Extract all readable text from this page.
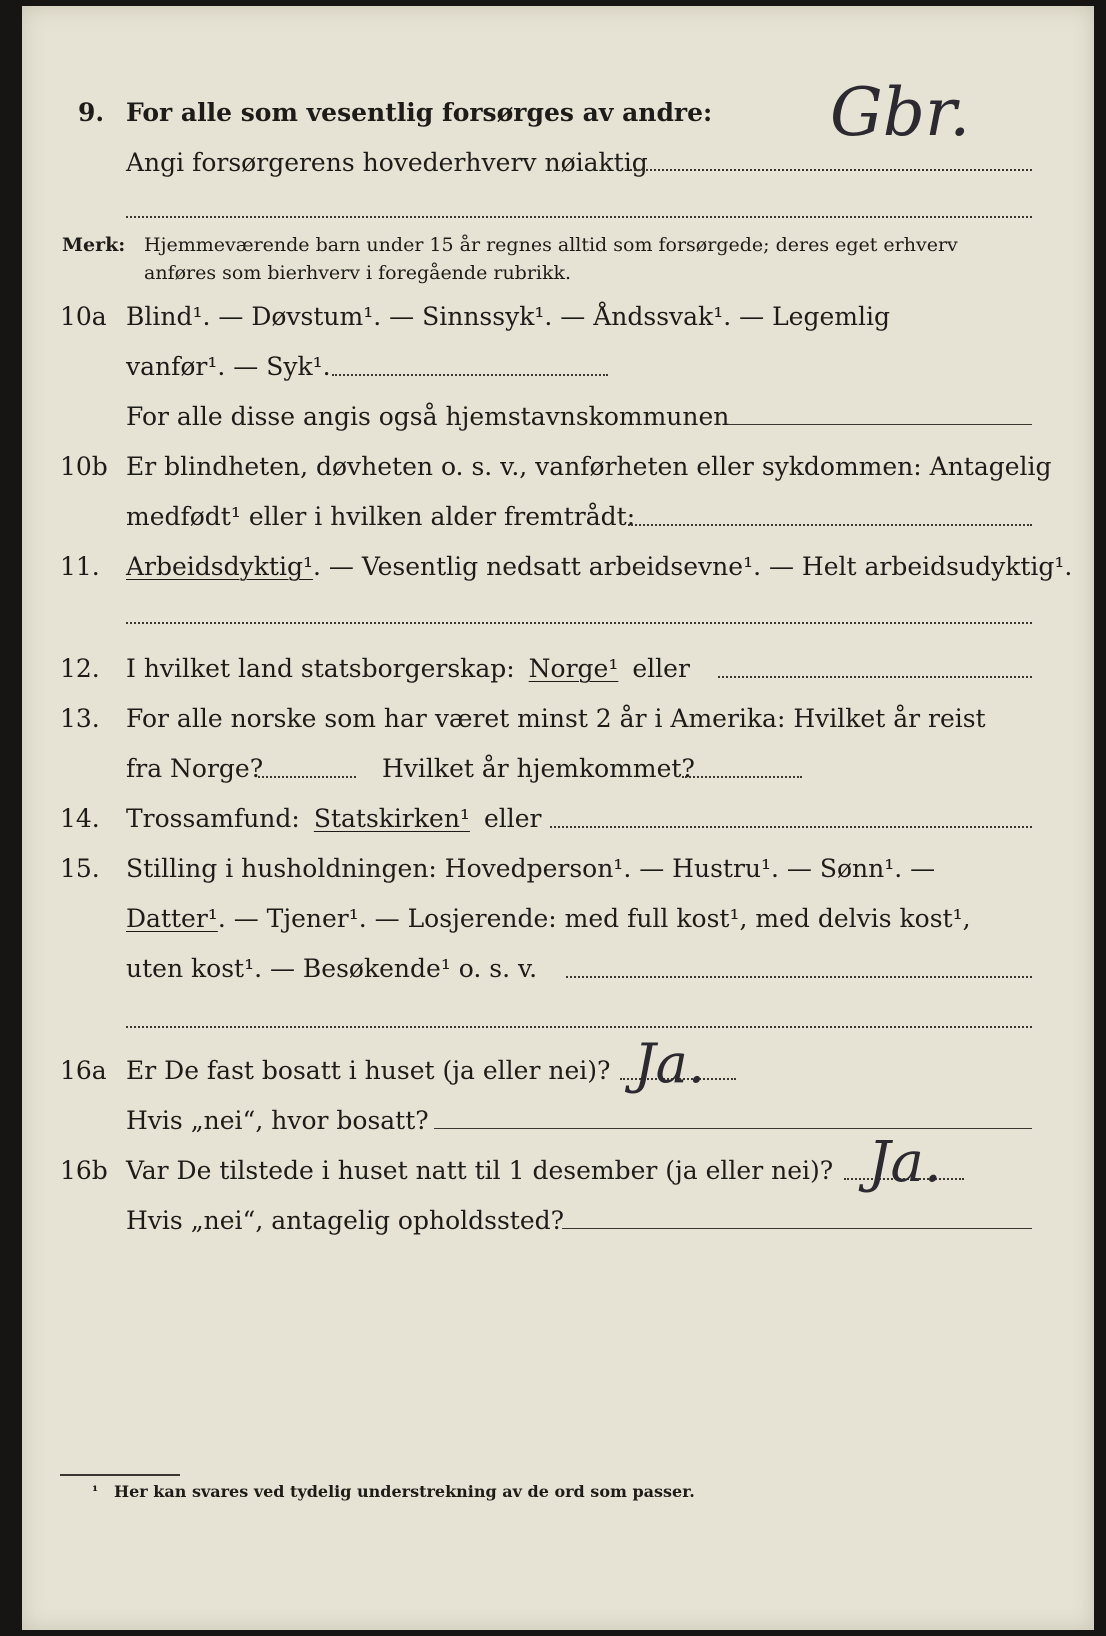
9. For alle som vesentlig forsørges av andre:
Angi forsørgerens hovederhverv nøiaktig
Gbr.
Merk: Hjemmeværende barn under 15 år regnes alltid som forsørgede; deres eget erhverv
anføres som bierhverv i foregående rubrikk.
10a Blind¹. — Døvstum¹. — Sinnssyk¹. — Åndssvak¹. — Legemlig
vanfør¹. — Syk¹.
For alle disse angis også hjemstavnskommunen
10b Er blindheten, døvheten o. s. v., vanførheten eller sykdommen: Antagelig
medfødt¹ eller i hvilken alder fremtrådt:
11. Arbeidsdyktig¹. — Vesentlig nedsatt arbeidsevne¹. — Helt arbeidsudyktig¹.
12. I hvilket land statsborgerskap: Norge¹ eller
13. For alle norske som har været minst 2 år i Amerika: Hvilket år reist
fra Norge?	Hvilket år hjemkommet?
14. Trossamfund: Statskirken¹ eller
15. Stilling i husholdningen: Hovedperson¹. — Hustru¹. — Sønn¹. —
Datter¹. — Tjener¹. — Losjerende: med full kost¹, med delvis kost¹,
uten kost¹. — Besøkende¹ o. s. v.
16a Er De fast bosatt i huset (ja eller nei)? Ja.
Hvis „nei“, hvor bosatt?
16b Var De tilstede i huset natt til 1 desember (ja eller nei)? Ja.
Hvis „nei“, antagelig opholdssted?
¹ Her kan svares ved tydelig understrekning av de ord som passer.
